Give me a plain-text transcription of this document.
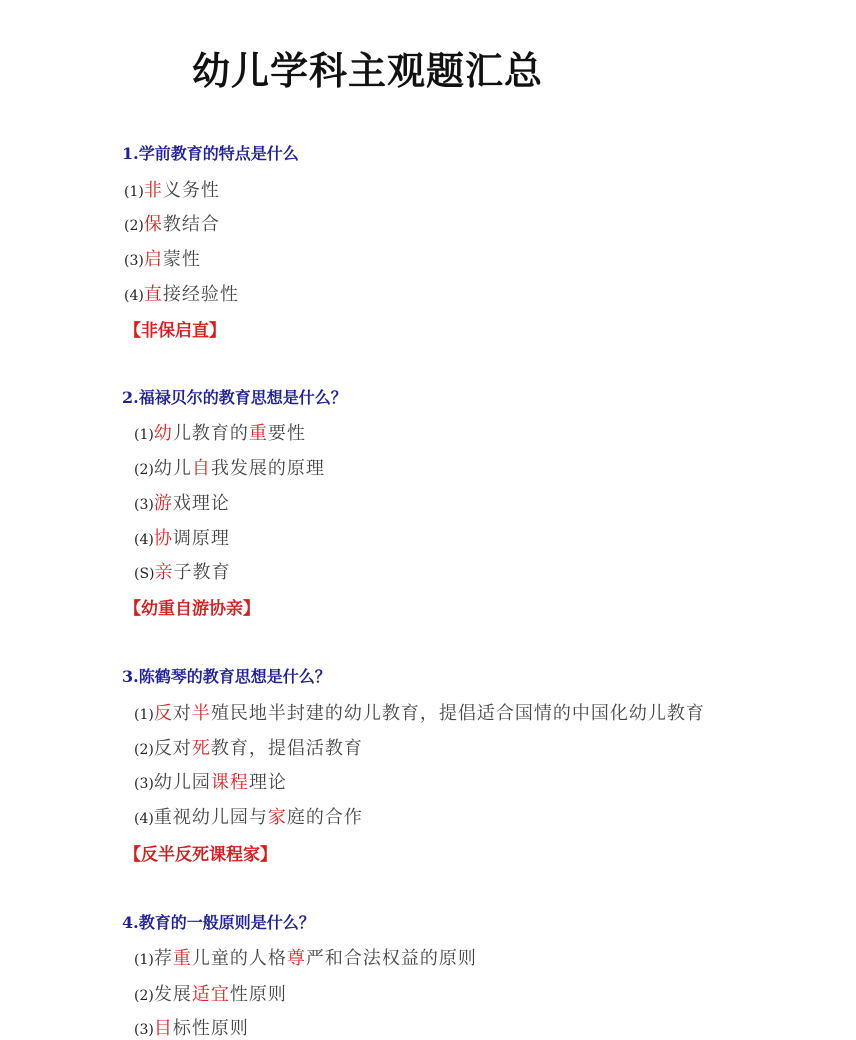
幼儿学科主观题汇总
1.学前教育的特点是什么
(1)非义务性
(2)保教结合
(3)启蒙性
(4)直接经验性
【非保启直】
2.福禄贝尔的教育思想是什么？
(1)幼儿教育的重要性
(2)幼儿自我发展的原理
(3)游戏理论
(4)协调原理
(S)亲子教育
【幼重自游协亲】
3.陈鹤琴的教育思想是什么？
(1)反对半殖民地半封建的幼儿教育，提倡适合国情的中国化幼儿教育
(2)反对死教育，提倡活教育
(3)幼儿园课程理论
(4)重视幼儿园与家庭的合作
【反半反死课程家】
4.教育的一般原则是什么？
(1)荐重儿童的人格尊严和合法权益的原则
(2)发展适宜性原则
(3)目标性原则
